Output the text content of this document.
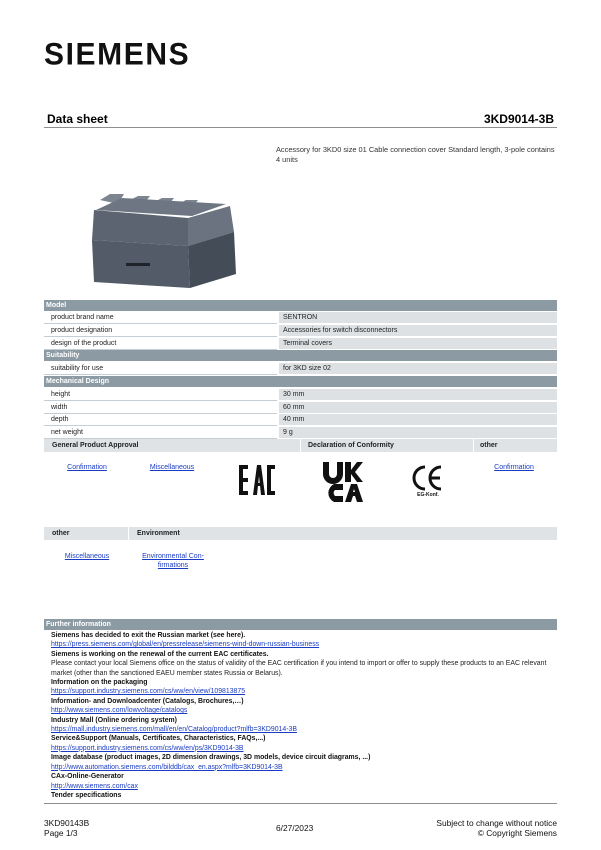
SIEMENS
Data sheet	3KD9014-3B
Accessory for 3KD0 size 01 Cable connection cover Standard length, 3-pole contains 4 units
Model
product brand name	SENTRON
product designation	Accessories for switch disconnectors
design of the product	Terminal covers
Suitability
suitability for use	for 3KD size 02
Mechanical Design
height	30 mm
width	60 mm
depth	40 mm
net weight	9 g
General Product Approval	Declaration of Conformity	other
Confirmation	Miscellaneous	Confirmation
EG-Konf.
other	Environment
Miscellaneous	Environmental Con-
firmations
Further information
Siemens has decided to exit the Russian market (see here).
https://press.siemens.com/global/en/pressrelease/siemens-wind-down-russian-business
Siemens is working on the renewal of the current EAC certificates.
Please contact your local Siemens office on the status of validity of the EAC certification if you intend to import or offer to supply these products to an EAC relevant market (other than the sanctioned EAEU member states Russia or Belarus).
Information on the packaging
https://support.industry.siemens.com/cs/ww/en/view/109813875
Information- and Downloadcenter (Catalogs, Brochures,…)
http://www.siemens.com/lowvoltage/catalogs
Industry Mall (Online ordering system)
https://mall.industry.siemens.com/mall/en/en/Catalog/product?mlfb=3KD9014-3B
Service&Support (Manuals, Certificates, Characteristics, FAQs,...)
https://support.industry.siemens.com/cs/ww/en/ps/3KD9014-3B
Image database (product images, 2D dimension drawings, 3D models, device circuit diagrams, ...)
http://www.automation.siemens.com/bilddb/cax_en.aspx?mlfb=3KD9014-3B
CAx-Online-Generator
http://www.siemens.com/cax
Tender specifications
3KD90143B
Page 1/3	6/27/2023	Subject to change without notice
© Copyright Siemens
